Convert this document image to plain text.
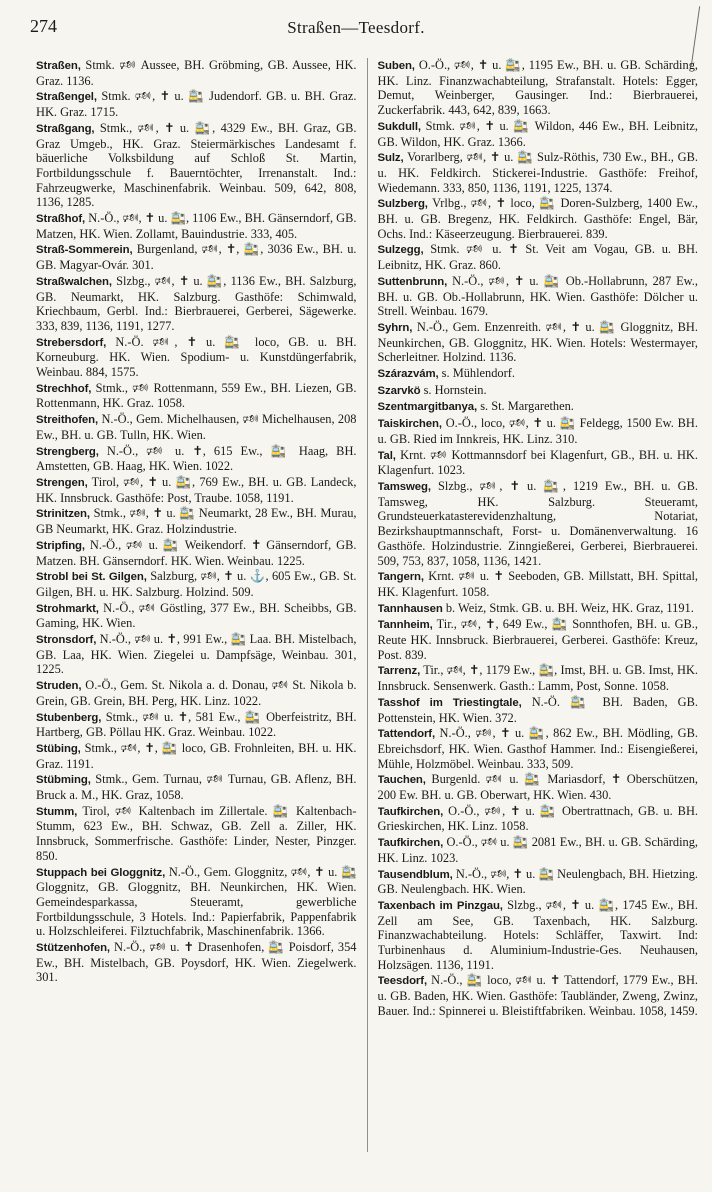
274	Straßen—Teesdorf.

Straßen, Stmk. 🕬 Aussee, BH. Gröbming, GB. Aussee, HK. Graz. 1136.

Straßengel, Stmk. 🕬, ✝ u. 🚉 Judendorf. GB. u. BH. Graz. HK. Graz. 1715.

Straßgang, Stmk., 🕬, ✝ u. 🚉, 4329 Ew., BH. Graz, GB. Graz Umgeb., HK. Graz. Steiermärkisches Landesamt f. bäuerliche Volksbildung auf Schloß St. Martin, Fortbildungsschule f. Bauerntöchter, Irrenanstalt. Ind.: Fahrzeugwerke, Maschinenfabrik. Weinbau. 509, 642, 808, 1136, 1285.

Straßhof, N.-Ö., 🕬, ✝ u. 🚉, 1106 Ew., BH. Gänserndorf, GB. Matzen, HK. Wien. Zollamt, Bauindustrie. 333, 405.

Straß-Sommerein, Burgenland, 🕬, ✝, 🚉, 3036 Ew., BH. u. GB. Magyar-Ovár. 301.

Straßwalchen, Slzbg., 🕬, ✝ u. 🚉, 1136 Ew., BH. Salzburg, GB. Neumarkt, HK. Salzburg. Gasthöfe: Schimwald, Kriechbaum, Gerbl. Ind.: Bierbrauerei, Gerberei, Sägewerke. 333, 839, 1136, 1191, 1277.

Strebersdorf, N.-Ö. 🕬, ✝ u. 🚉 loco, GB. u. BH. Korneuburg. HK. Wien. Spodium- u. Kunstdüngerfabrik, Weinbau. 884, 1575.

Strechhof, Stmk., 🕬 Rottenmann, 559 Ew., BH. Liezen, GB. Rottenmann, HK. Graz. 1058.

Streithofen, N.-Ö., Gem. Michelhausen, 🕬 Michelhausen, 208 Ew., BH. u. GB. Tulln, HK. Wien.

Strengberg, N.-Ö., 🕬 u. ✝, 615 Ew., 🚉 Haag, BH. Amstetten, GB. Haag, HK. Wien. 1022.

Strengen, Tirol, 🕬, ✝ u. 🚉, 769 Ew., BH. u. GB. Landeck, HK. Innsbruck. Gasthöfe: Post, Traube. 1058, 1191.

Strinitzen, Stmk., 🕬, ✝ u. 🚉 Neumarkt, 28 Ew., BH. Murau, GB Neumarkt, HK. Graz. Holzindustrie.

Stripfing, N.-Ö., 🕬 u. 🚉 Weikendorf. ✝ Gänserndorf, GB. Matzen. BH. Gänserndorf. HK. Wien. Weinbau. 1225.

Strobl bei St. Gilgen, Salzburg, 🕬, ✝ u. ⚓, 605 Ew., GB. St. Gilgen, BH. u. HK. Salzburg. Holzind. 509.

Strohmarkt, N.-Ö., 🕬 Göstling, 377 Ew., BH. Scheibbs, GB. Gaming, HK. Wien.

Stronsdorf, N.-Ö., 🕬 u. ✝, 991 Ew., 🚉 Laa. BH. Mistelbach, GB. Laa, HK. Wien. Ziegelei u. Dampfsäge, Weinbau. 301, 1225.

Struden, O.-Ö., Gem. St. Nikola a. d. Donau, 🕬 St. Nikola b. Grein, GB. Grein, BH. Perg, HK. Linz. 1022.

Stubenberg, Stmk., 🕬 u. ✝, 581 Ew., 🚉 Oberfeistritz, BH. Hartberg, GB. Pöllau HK. Graz. Weinbau. 1022.

Stübing, Stmk., 🕬, ✝, 🚉 loco, GB. Frohnleiten, BH. u. HK. Graz. 1191.

Stübming, Stmk., Gem. Turnau, 🕬 Turnau, GB. Aflenz, BH. Bruck a. M., HK. Graz, 1058.

Stumm, Tirol, 🕬 Kaltenbach im Zillertale. 🚉 Kaltenbach-Stumm, 623 Ew., BH. Schwaz, GB. Zell a. Ziller, HK. Innsbruck, Sommerfrische. Gasthöfe: Linder, Nester, Pinzger. 850.

Stuppach bei Gloggnitz, N.-Ö., Gem. Gloggnitz, 🕬, ✝ u. 🚉 Gloggnitz, GB. Gloggnitz, BH. Neunkirchen, HK. Wien. Gemeindesparkassa, Steueramt, gewerbliche Fortbildungsschule, 3 Hotels. Ind.: Papierfabrik, Pappenfabrik u. Holzschleiferei. Filztuchfabrik, Maschinenfabrik. 1366.

Stützenhofen, N.-Ö., 🕬 u. ✝ Drasenhofen, 🚉 Poisdorf, 354 Ew., BH. Mistelbach, GB. Poysdorf, HK. Wien. Ziegelwerk. 301.

Suben, O.-Ö., 🕬, ✝ u. 🚉, 1195 Ew., BH. u. GB. Schärding, HK. Linz. Finanzwachabteilung, Strafanstalt. Hotels: Egger, Demut, Weinberger, Gausinger. Ind.: Bierbrauerei, Zuckerfabrik. 443, 642, 839, 1663.

Sukdull, Stmk. 🕬, ✝ u. 🚉 Wildon, 446 Ew., BH. Leibnitz, GB. Wildon, HK. Graz. 1366.

Sulz, Vorarlberg, 🕬, ✝ u. 🚉 Sulz-Röthis, 730 Ew., BH., GB. u. HK. Feldkirch. Stickerei-Industrie. Gasthöfe: Freihof, Wiedemann. 333, 850, 1136, 1191, 1225, 1374.

Sulzberg, Vrlbg., 🕬, ✝ loco, 🚉 Doren-Sulzberg, 1400 Ew., BH. u. GB. Bregenz, HK. Feldkirch. Gasthöfe: Engel, Bär, Ochs. Ind.: Käseerzeugung. Bierbrauerei. 839.

Sulzegg, Stmk. 🕬 u. ✝ St. Veit am Vogau, GB. u. BH. Leibnitz, HK. Graz. 860.

Suttenbrunn, N.-Ö., 🕬, ✝ u. 🚉 Ob.-Hollabrunn, 287 Ew., BH. u. GB. Ob.-Hollabrunn, HK. Wien. Gasthöfe: Dölcher u. Strell. Weinbau. 1679.

Syhrn, N.-Ö., Gem. Enzenreith. 🕬, ✝ u. 🚉 Gloggnitz, BH. Neunkirchen, GB. Gloggnitz, HK. Wien. Hotels: Westermayer, Scherleitner. Holzind. 1136.

Szárazvám, s. Mühlendorf.

Szarvkö s. Hornstein.

Szentmargitbanya, s. St. Margarethen.

Taiskirchen, O.-Ö., loco, 🕬, ✝ u. 🚉 Feldegg, 1500 Ew. BH. u. GB. Ried im Innkreis, HK. Linz. 310.

Tal, Krnt. 🕬 Kottmannsdorf bei Klagenfurt, GB., BH. u. HK. Klagenfurt. 1023.

Tamsweg, Slzbg., 🕬, ✝ u. 🚉, 1219 Ew., BH. u. GB. Tamsweg, HK. Salzburg. Steueramt, Grundsteuerkatasterevidenzhaltung, Notariat, Bezirkshauptmannschaft, Forst- u. Domänenverwaltung. 16 Gasthöfe. Holzindustrie. Zinngießerei, Gerberei, Bierbrauerei. 509, 753, 837, 1058, 1136, 1421.

Tangern, Krnt. 🕬 u. ✝ Seeboden, GB. Millstatt, BH. Spittal, HK. Klagenfurt. 1058.

Tannhausen b. Weiz, Stmk. GB. u. BH. Weiz, HK. Graz, 1191.

Tannheim, Tir., 🕬, ✝, 649 Ew., 🚉 Sonnthofen, BH. u. GB., Reute HK. Innsbruck. Bierbrauerei, Gerberei. Gasthöfe: Kreuz, Post. 839.

Tarrenz, Tir., 🕬, ✝, 1179 Ew., 🚉, Imst, BH. u. GB. Imst, HK. Innsbruck. Sensenwerk. Gasth.: Lamm, Post, Sonne. 1058.

Tasshof im Triestingtale, N.-Ö. 🚉 BH. Baden, GB. Pottenstein, HK. Wien. 372.

Tattendorf, N.-Ö., 🕬, ✝ u. 🚉, 862 Ew., BH. Mödling, GB. Ebreichsdorf, HK. Wien. Gasthof Hammer. Ind.: Eisengießerei, Mühle, Holzmöbel. Weinbau. 333, 509.

Tauchen, Burgenld. 🕬 u. 🚉 Mariasdorf, ✝ Oberschützen, 200 Ew. BH. u. GB. Oberwart, HK. Wien. 430.

Taufkirchen, O.-Ö., 🕬, ✝ u. 🚉 Obertrattnach, GB. u. BH. Grieskirchen, HK. Linz. 1058.

Taufkirchen, O.-Ö., 🕬 u. 🚉 2081 Ew., BH. u. GB. Schärding, HK. Linz. 1023.

Tausendblum, N.-Ö., 🕬, ✝ u. 🚉 Neulengbach, BH. Hietzing. GB. Neulengbach. HK. Wien.

Taxenbach im Pinzgau, Slzbg., 🕬, ✝ u. 🚉, 1745 Ew., BH. Zell am See, GB. Taxenbach, HK. Salzburg. Finanzwachabteilung. Hotels: Schläffer, Taxwirt. Ind: Turbinenhaus d. Aluminium-Industrie-Ges. Neuhausen, Holzsägen. 1136, 1191.

Teesdorf, N.-Ö., 🚉 loco, 🕬 u. ✝ Tattendorf, 1779 Ew., BH. u. GB. Baden, HK. Wien. Gasthöfe: Taubländer, Zweng, Zwinz, Bauer. Ind.: Spinnerei u. Bleistiftfabriken. Weinbau. 1058, 1459.
